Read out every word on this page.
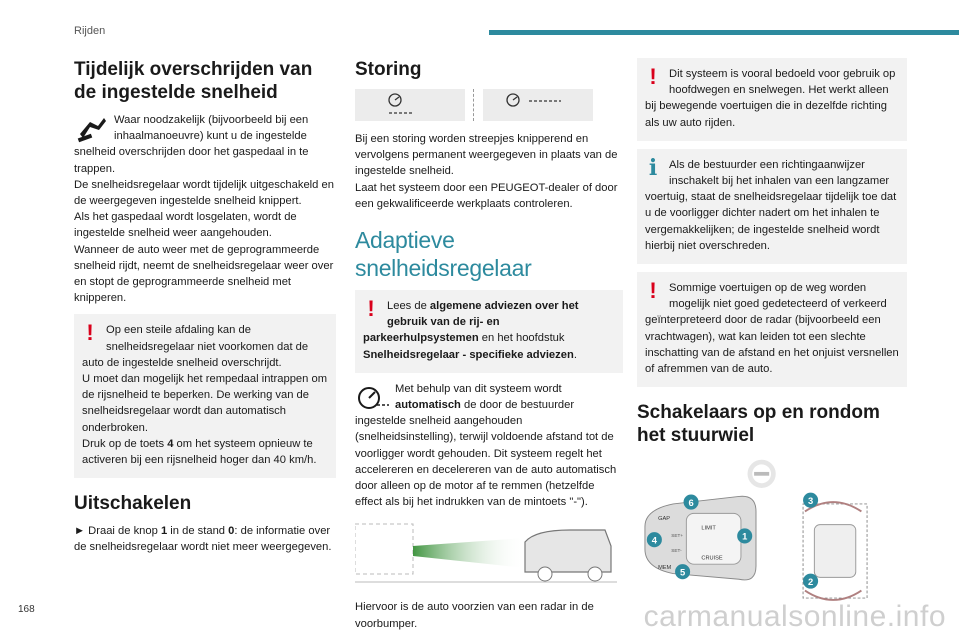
Rijden
168	carmanualsonline.info
Tijdelijk overschrijden van de ingestelde snelheid

Waar noodzakelijk (bijvoorbeeld bij een inhaalmanoeuvre) kunt u de ingestelde snelheid overschrijden door het gaspedaal in te trappen.

De snelheidsregelaar wordt tijdelijk uitgeschakeld en de weergegeven ingestelde snelheid knippert.

Als het gaspedaal wordt losgelaten, wordt de ingestelde snelheid weer aangehouden.

Wanneer de auto weer met de geprogrammeerde snelheid rijdt, neemt de snelheidsregelaar weer over en stopt de geprogrammeerde snelheid met knipperen.

!	Op een steile afdaling kan de snelheidsregelaar niet voorkomen dat de auto de ingestelde snelheid overschrijdt.

U moet dan mogelijk het rempedaal intrappen om de rijsnelheid te beperken. De werking van de snelheidsregelaar wordt dan automatisch onderbroken.

Druk op de toets 4 om het systeem opnieuw te activeren bij een rijsnelheid hoger dan 40 km/h.

Uitschakelen

► Draai de knop 1 in de stand 0: de informatie over de snelheidsregelaar wordt niet meer weergegeven.

Storing

Bij een storing worden streepjes knipperend en vervolgens permanent weergegeven in plaats van de ingestelde snelheid.

Laat het systeem door een PEUGEOT-dealer of door een gekwalificeerde werkplaats controleren.

Adaptieve snelheidsregelaar
!	Lees de algemene adviezen over het gebruik van de rij- en parkeerhulpsystemen en het hoofdstuk Snelheidsregelaar - specifieke adviezen.

Met behulp van dit systeem wordt automatisch de door de bestuurder ingestelde snelheid aangehouden (snelheidsinstelling), terwijl voldoende afstand tot de voorligger wordt gehouden. Dit systeem regelt het accelereren en decelereren van de auto automatisch door alleen op de motor af te remmen (hetzelfde effect als bij het indrukken van de mintoets "-").

Hiervoor is de auto voorzien van een radar in de voorbumper.

!	Dit systeem is vooral bedoeld voor gebruik op hoofdwegen en snelwegen. Het werkt alleen bij bewegende voertuigen die in dezelfde richting als uw auto rijden.

i	Als de bestuurder een richtingaanwijzer inschakelt bij het inhalen van een langzamer voertuig, staat de snelheidsregelaar tijdelijk toe dat u de voorligger dichter nadert om het inhalen te vergemakkelijken; de ingestelde snelheid wordt hierbij niet overschreden.

!	Sommige voertuigen op de weg worden mogelijk niet goed gedetecteerd of verkeerd geïnterpreteerd door de radar (bijvoorbeeld een vrachtwagen), wat kan leiden tot een slechte inschatting van de afstand en het onjuist versnellen of afremmen van de auto.

Schakelaars op en rondom het stuurwiel
LIMIT
CRUISE
GAP
MEM
SET+
SET-
6
4
5
1
3
2
